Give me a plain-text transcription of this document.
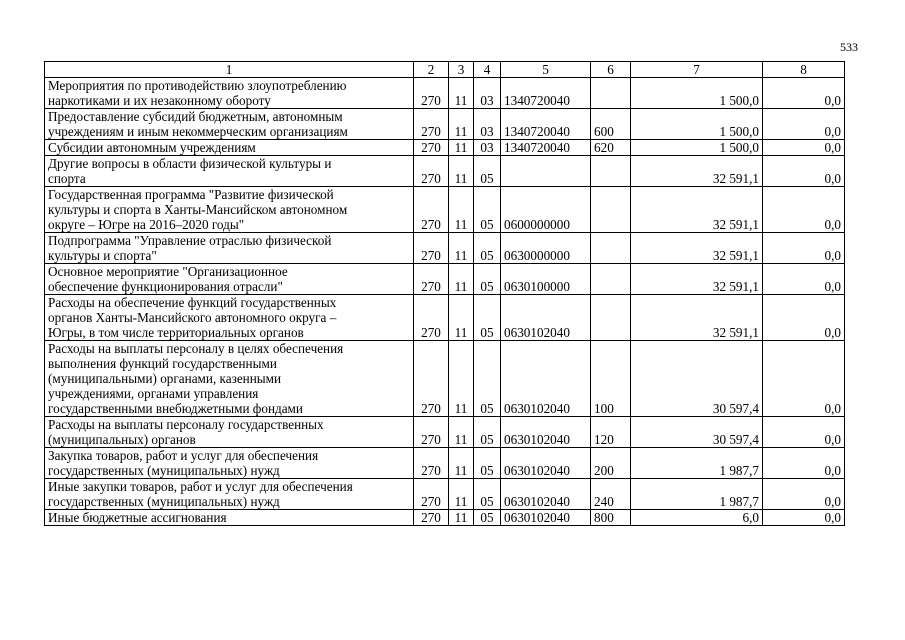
533
1	2	3	4	5	6	7	8

Мероприятия по противодействию злоупотреблению
наркотиками и их незаконному обороту	270	11	03	1340720040		1 500,0	0,0

Предоставление субсидий бюджетным, автономным
учреждениям и иным некоммерческим организациям	270	11	03	1340720040	600	1 500,0	0,0

Субсидии автономным учреждениям	270	11	03	1340720040	620	1 500,0	0,0

Другие вопросы в области физической культуры и
спорта	270	11	05			32 591,1	0,0

Государственная программа "Развитие физической
культуры и спорта в Ханты-Мансийском автономном
округе – Югре на 2016–2020 годы"	270	11	05	0600000000		32 591,1	0,0

Подпрограмма "Управление отраслью физической
культуры и спорта"	270	11	05	0630000000		32 591,1	0,0

Основное мероприятие "Организационное
обеспечение функционирования отрасли"	270	11	05	0630100000		32 591,1	0,0

Расходы на обеспечение функций государственных
органов Ханты-Мансийского автономного округа –
Югры, в том числе территориальных органов	270	11	05	0630102040		32 591,1	0,0

Расходы на выплаты персоналу в целях обеспечения
выполнения функций государственными
(муниципальными) органами, казенными
учреждениями, органами управления
государственными внебюджетными фондами	270	11	05	0630102040	100	30 597,4	0,0

Расходы на выплаты персоналу государственных
(муниципальных) органов	270	11	05	0630102040	120	30 597,4	0,0

Закупка товаров, работ и услуг для обеспечения
государственных (муниципальных) нужд	270	11	05	0630102040	200	1 987,7	0,0

Иные закупки товаров, работ и услуг для обеспечения
государственных (муниципальных) нужд	270	11	05	0630102040	240	1 987,7	0,0

Иные бюджетные ассигнования	270	11	05	0630102040	800	6,0	0,0
